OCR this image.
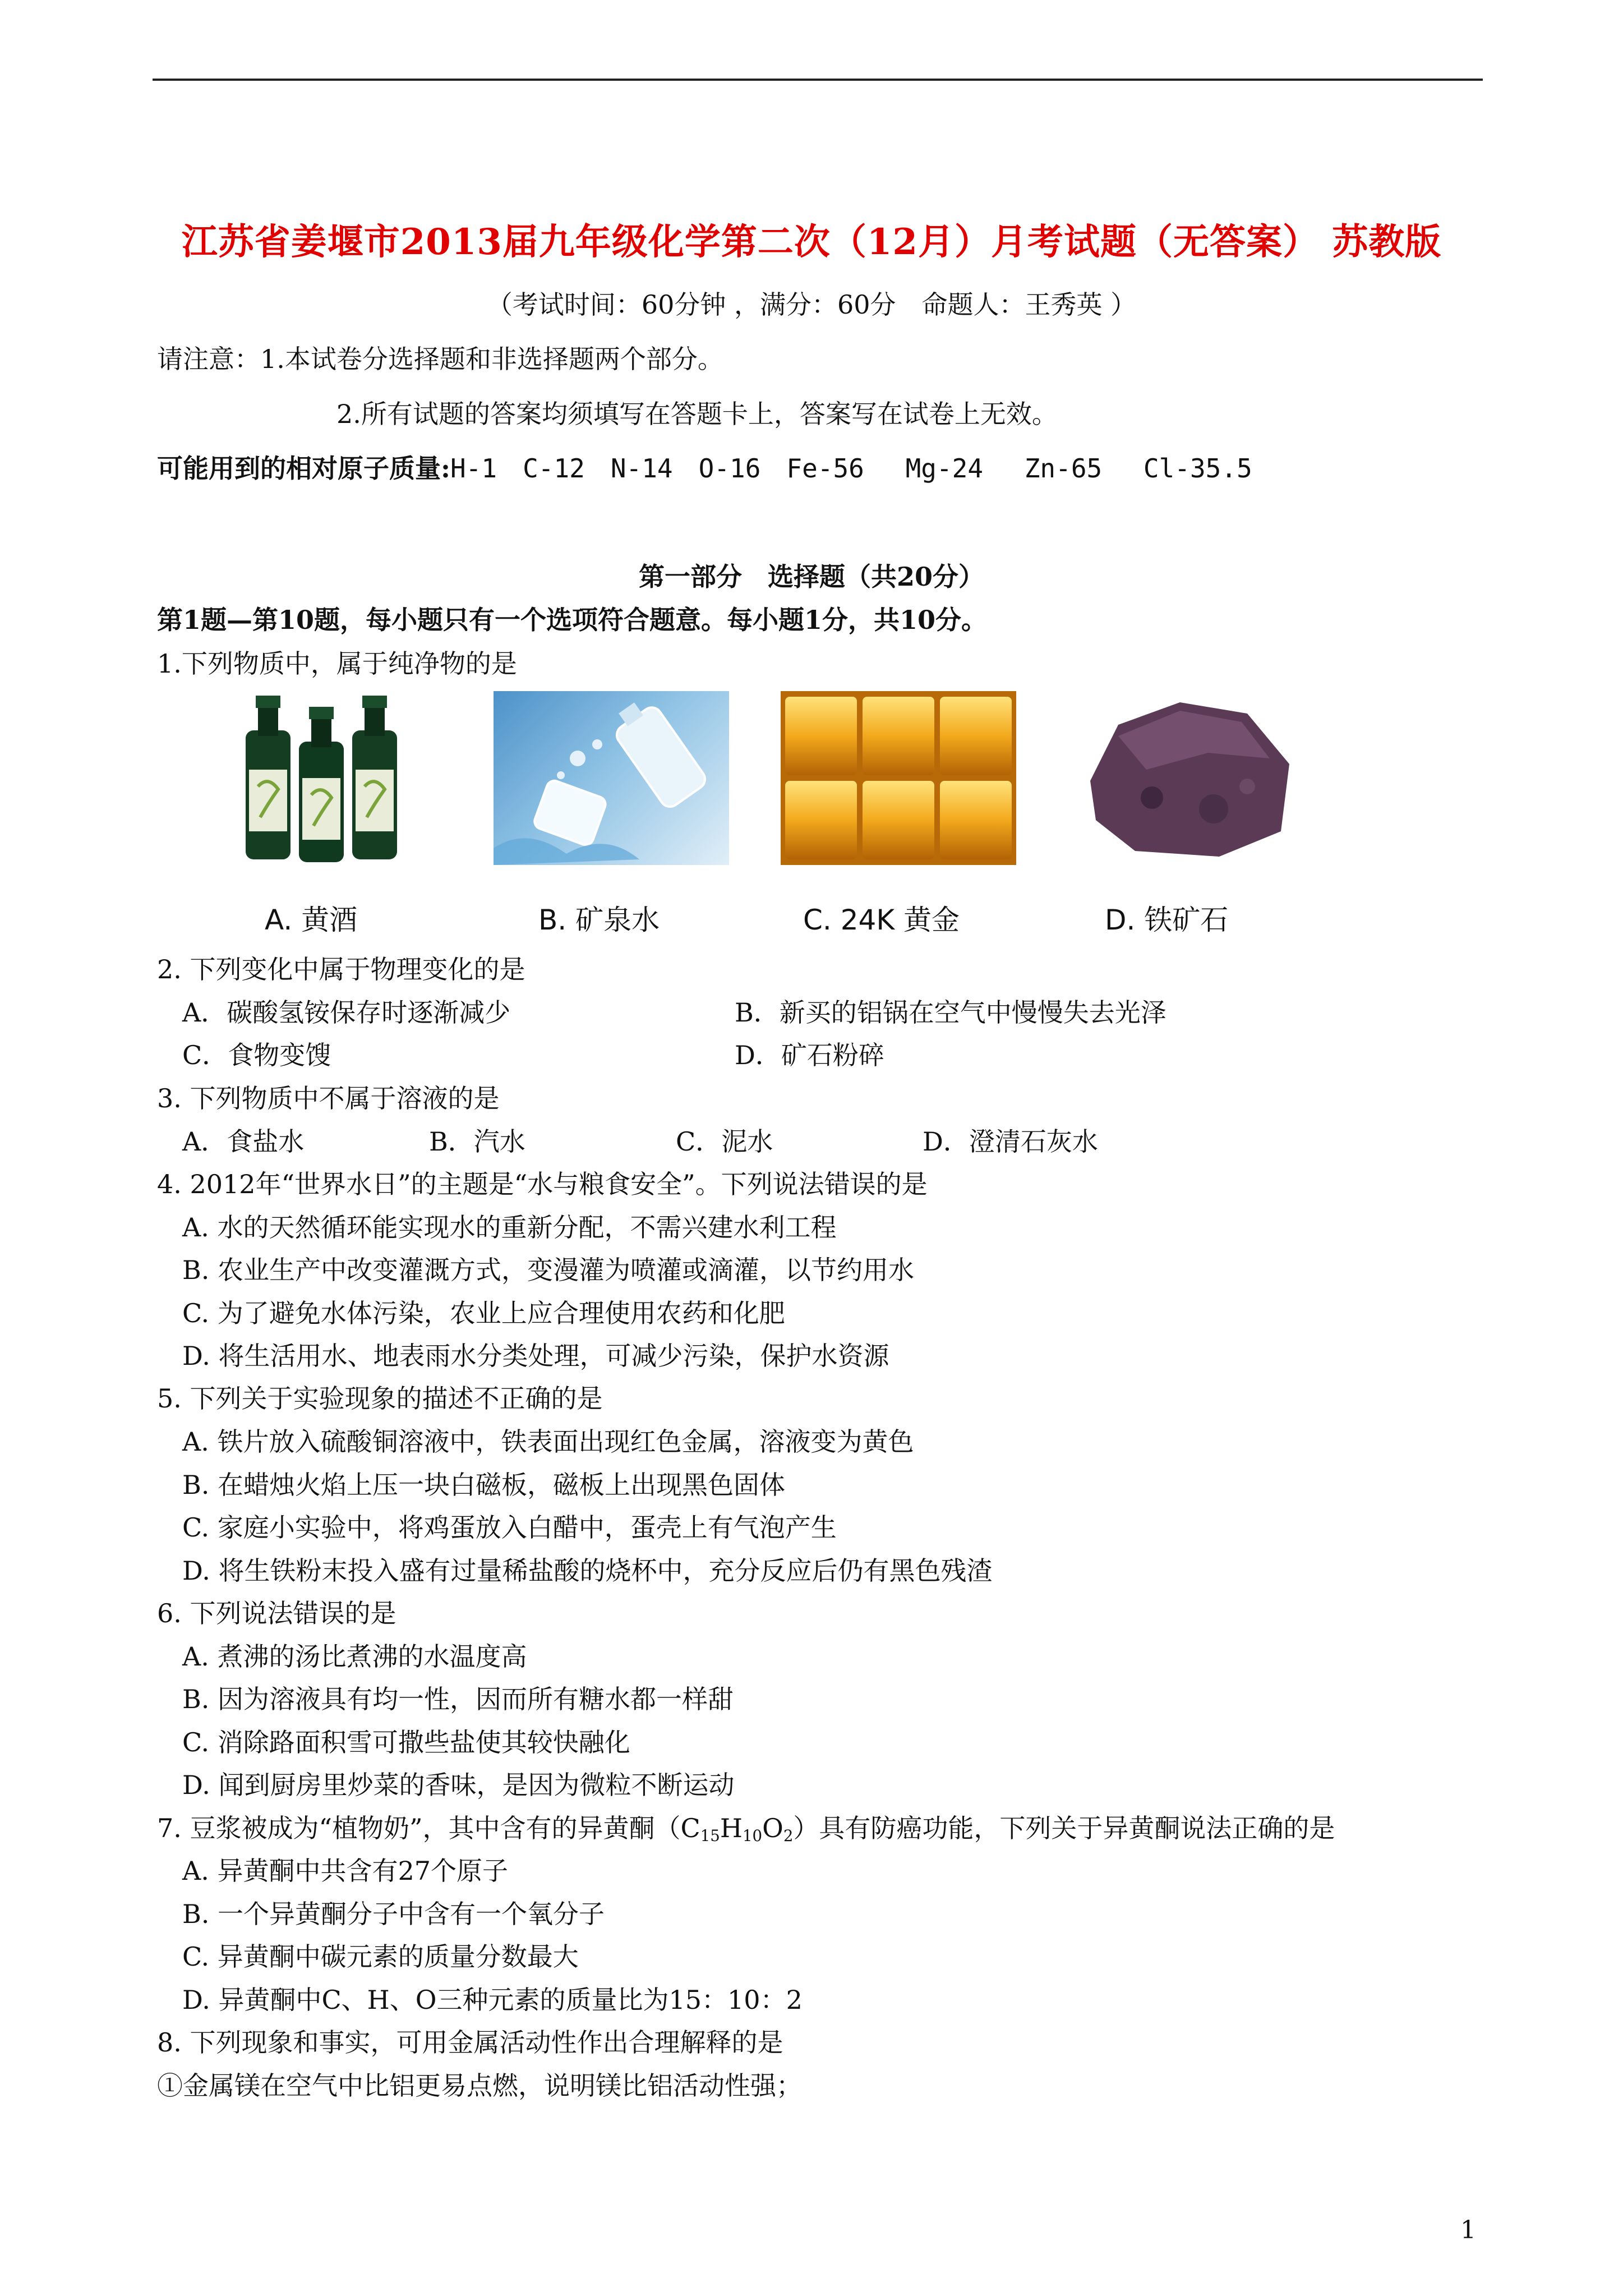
江苏省姜堰市2013届九年级化学第二次（12月）月考试题（无答案） 苏教版
（考试时间：60分钟 ，满分：60分　命题人：王秀英 ）
请注意：1.本试卷分选择题和非选择题两个部分。
2.所有试题的答案均须填写在答题卡上，答案写在试卷上无效。
可能用到的相对原子质量:H-1　C-12　N-14　O-16　Fe-56　 Mg-24　 Zn-65　 Cl-35.5
第一部分　选择题（共20分）
第1题—第10题，每小题只有一个选项符合题意。每小题1分，共10分。
1.下列物质中，属于纯净物的是
A. 黄酒	B. 矿泉水	C. 24K 黄金	D. 铁矿石
2. 下列变化中属于物理变化的是
A．碳酸氢铵保存时逐渐减少	B．新买的铝锅在空气中慢慢失去光泽
C．食物变馊	D．矿石粉碎
3. 下列物质中不属于溶液的是
A．食盐水	B．汽水	C．泥水	D．澄清石灰水
4. 2012年“世界水日”的主题是“水与粮食安全”。下列说法错误的是
A. 水的天然循环能实现水的重新分配，不需兴建水利工程
B. 农业生产中改变灌溉方式，变漫灌为喷灌或滴灌，以节约用水
C. 为了避免水体污染，农业上应合理使用农药和化肥
D. 将生活用水、地表雨水分类处理，可减少污染，保护水资源
5. 下列关于实验现象的描述不正确的是
A. 铁片放入硫酸铜溶液中，铁表面出现红色金属，溶液变为黄色
B. 在蜡烛火焰上压一块白磁板，磁板上出现黑色固体
C. 家庭小实验中，将鸡蛋放入白醋中，蛋壳上有气泡产生
D. 将生铁粉末投入盛有过量稀盐酸的烧杯中，充分反应后仍有黑色残渣
6. 下列说法错误的是
A. 煮沸的汤比煮沸的水温度高
B. 因为溶液具有均一性，因而所有糖水都一样甜
C. 消除路面积雪可撒些盐使其较快融化
D. 闻到厨房里炒菜的香味，是因为微粒不断运动
7. 豆浆被成为“植物奶”，其中含有的异黄酮$(C_{15}H_{10}O_2)$具有防癌功能，下列关于异黄酮说法正确的是
A. 异黄酮中共含有27个原子
B. 一个异黄酮分子中含有一个氧分子
C. 异黄酮中碳元素的质量分数最大
D. 异黄酮中C、H、O三种元素的质量比为15：10：2
8. 下列现象和事实，可用金属活动性作出合理解释的是
①金属镁在空气中比铝更易点燃，说明镁比铝活动性强；
1
